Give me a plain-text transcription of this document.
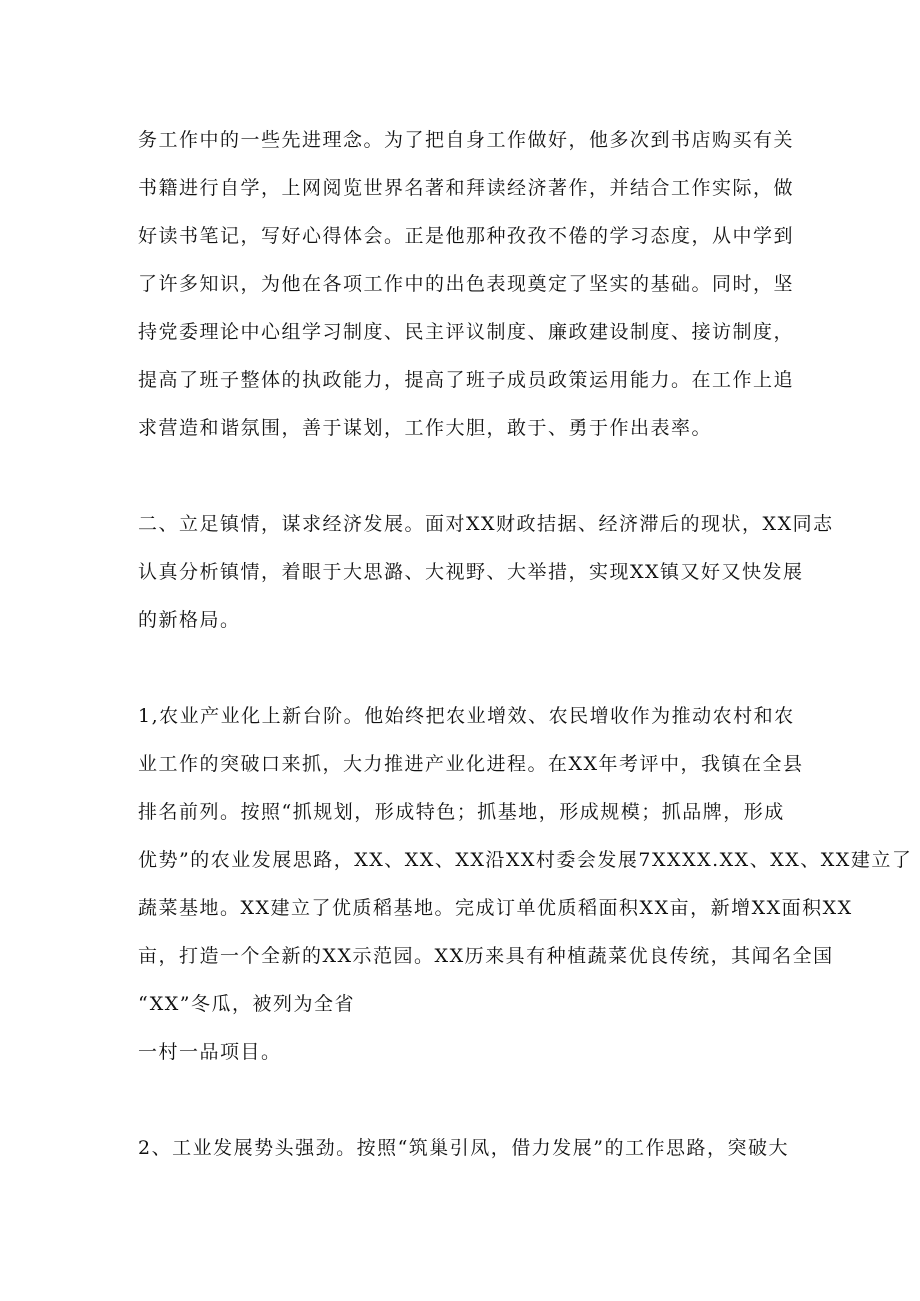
务工作中的一些先进理念。为了把自身工作做好，他多次到书店购买有关
书籍进行自学，上网阅览世界名著和拜读经济著作，并结合工作实际，做
好读书笔记，写好心得体会。正是他那种孜孜不倦的学习态度，从中学到
了许多知识，为他在各项工作中的出色表现奠定了坚实的基础。同时，坚
持党委理论中心组学习制度、民主评议制度、廉政建设制度、接访制度，
提高了班子整体的执政能力，提高了班子成员政策运用能力。在工作上追
求营造和谐氛围，善于谋划，工作大胆，敢于、勇于作出表率。
二、立足镇情，谋求经济发展。面对XX财政拮据、经济滞后的现状，XX同志
认真分析镇情，着眼于大思潞、大视野、大举措，实现XX镇又好又快发展
的新格局。
1,农业产业化上新台阶。他始终把农业增效、农民增收作为推动农村和农
业工作的突破口来抓，大力推进产业化进程。在XX年考评中，我镇在全县
排名前列。按照“抓规划，形成特色；抓基地，形成规模；抓品牌，形成
优势”的农业发展思路，XX、XX、XX沿XX村委会发展7XXXX.XX、XX、XX建立了
蔬菜基地。XX建立了优质稻基地。完成订单优质稻面积XX亩，新增XX面积XX
亩，打造一个全新的XX示范园。XX历来具有种植蔬菜优良传统，其闻名全国
“XX”冬瓜，被列为全省
一村一品项目。
2、工业发展势头强劲。按照“筑巢引凤，借力发展”的工作思路，突破大
